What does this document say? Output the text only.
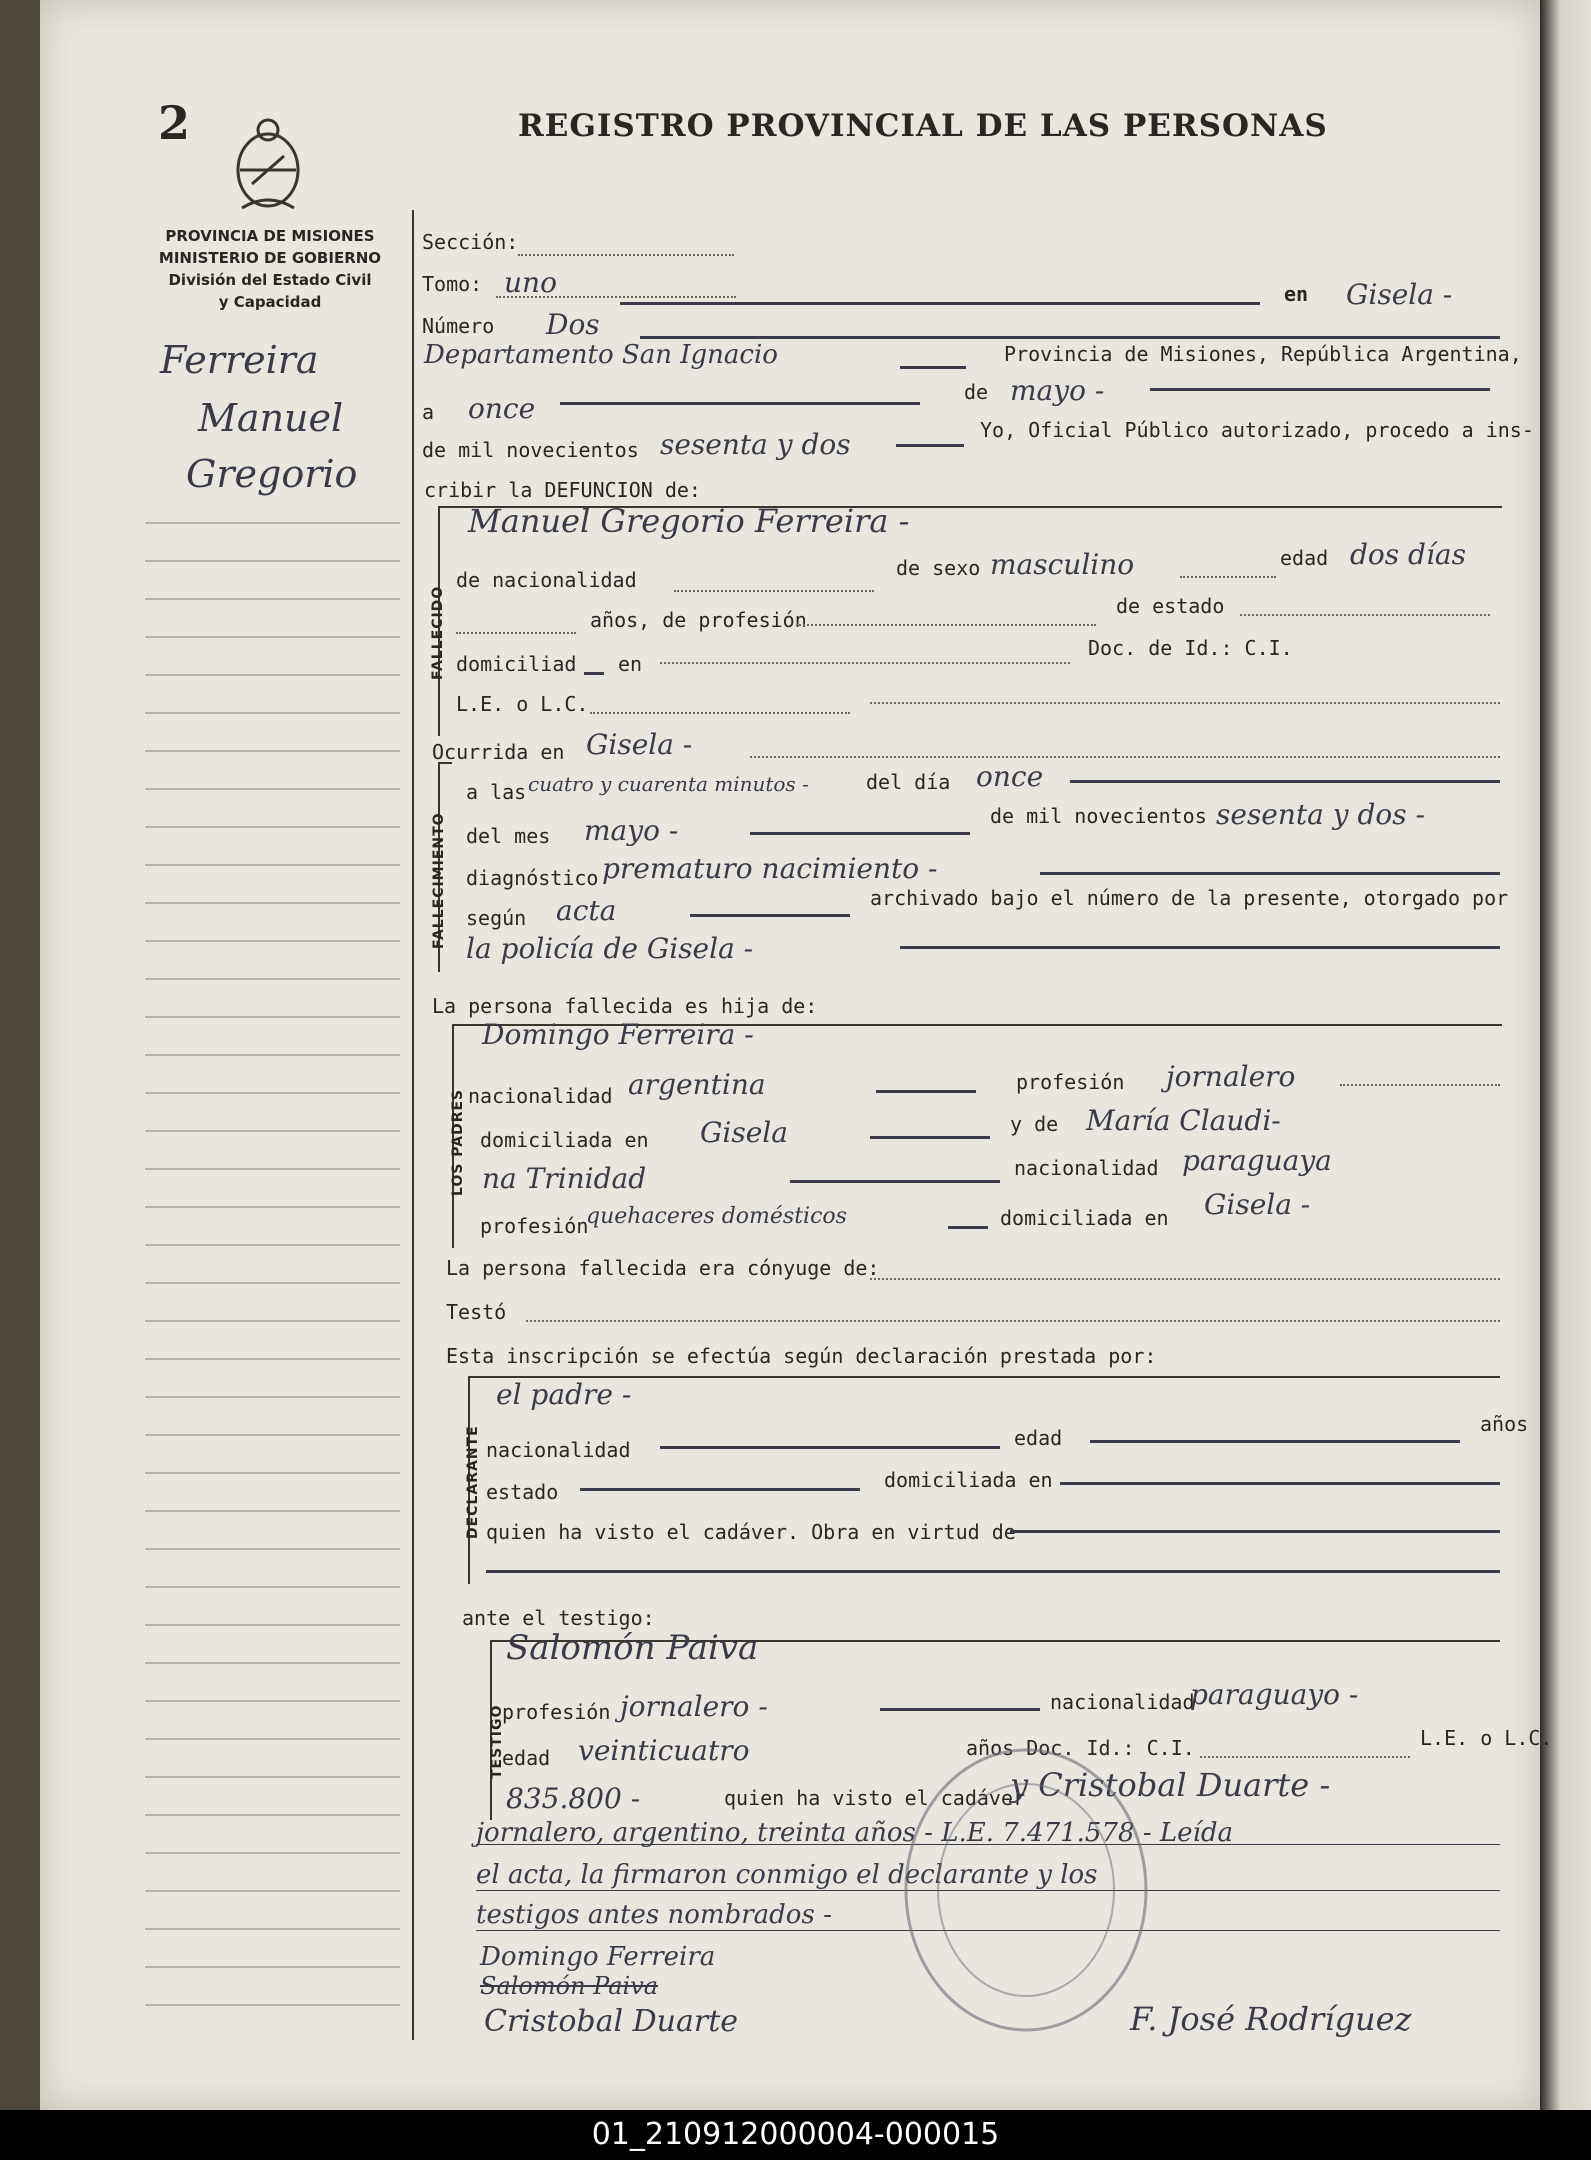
2	REGISTRO PROVINCIAL DE LAS PERSONAS
PROVINCIA DE MISIONES
MINISTERIO DE GOBIERNO
División del Estado Civil
y Capacidad
Ferreira
Manuel
Gregorio
Sección:
Tomo: uno	en Gisela -
Número Dos
Departamento San Ignacio	Provincia de Misiones, República Argentina,
a once	de mayo -
de mil novecientos sesenta y dos	Yo, Oficial Público autorizado, procedo a ins-
cribir la DEFUNCION de:
FALLECIDO
Manuel Gregorio Ferreira -
de nacionalidad	de sexo masculino	edad dos días
años, de profesión
de estado
Doc. de Id.: C.I.
domiciliad en
L.E. o L.C.
Ocurrida en Gisela -
FALLECIMIENTO
a las cuatro y cuarenta minutos -	del día once
del mes mayo -	de mil novecientos sesenta y dos -
diagnóstico prematuro nacimiento -
según acta	archivado bajo el número de la presente, otorgado por
la policía de Gisela -
La persona fallecida es hija de:
LOS PADRES
Domingo Ferreira -
nacionalidad argentina	profesión jornalero
domiciliada en Gisela	y de María Claudi-
na Trinidad	nacionalidad paraguaya
profesión
quehaceres domésticos	domiciliada en Gisela -
La persona fallecida era cónyuge de:
Testó
Esta inscripción se efectúa según declaración prestada por:
DECLARANTE
el padre -
nacionalidad	edad
años
estado	domiciliada en
quien ha visto el cadáver. Obra en virtud de
ante el testigo:
TESTIGO
Salomón Paiva
profesión jornalero -	nacionalidad
paraguayo -
edad veinticuatro	años Doc. Id.: C.I.	L.E. o L.C.
835.800 -	quien ha visto el cadáver
y Cristobal Duarte -
jornalero, argentino, treinta años - L.E. 7.471.578 - Leída
el acta, la firmaron conmigo el declarante y los
testigos antes nombrados -
Domingo Ferreira
Salomón Paiva
Cristobal Duarte	F. José Rodríguez
01_210912000004-000015
